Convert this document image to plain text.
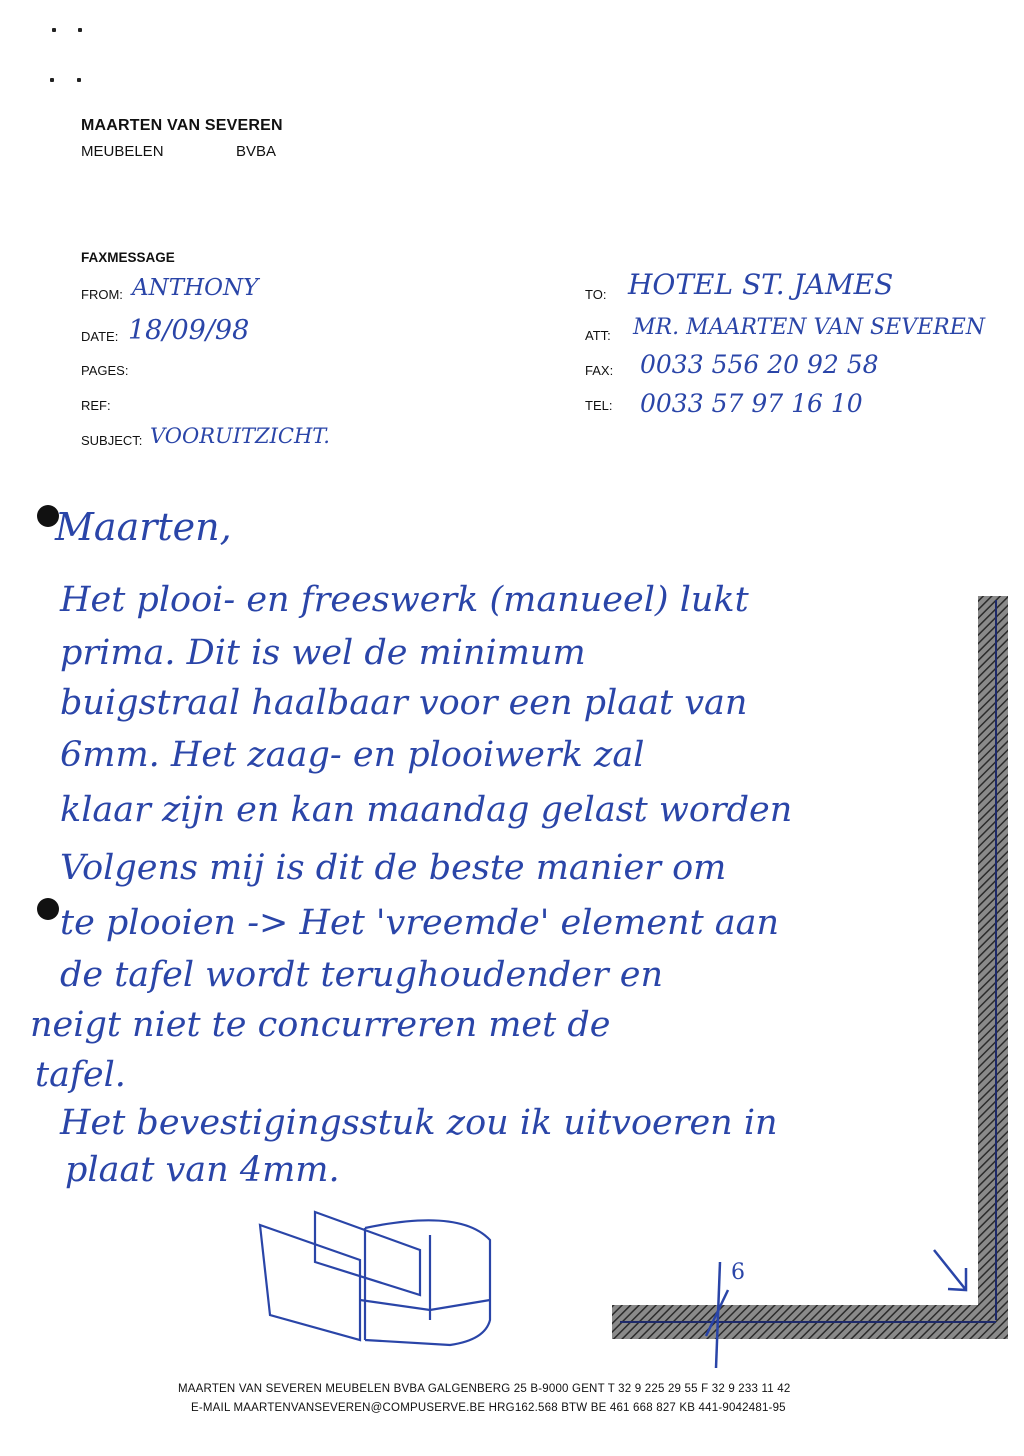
MAARTEN VAN SEVEREN
MEUBELEN	BVBA
FAXMESSAGE
FROM: ANTHONY
DATE: 18/09/98
PAGES:
REF:
SUBJECT: VOORUITZICHT.
TO: HOTEL ST. JAMES
ATT: MR. MAARTEN VAN SEVEREN
FAX: 0033 556 20 92 58
TEL: 0033 57 97 16 10
Maarten,
Het plooi- en freeswerk (manueel) lukt
prima. Dit is wel de minimum
buigstraal haalbaar voor een plaat van
6mm. Het zaag- en plooiwerk zal
klaar zijn en kan maandag gelast worden
Volgens mij is dit de beste manier om
te plooien -> Het 'vreemde' element aan
de tafel wordt terughoudender en
neigt niet te concurreren met de
tafel.
Het bevestigingsstuk zou ik uitvoeren in
plaat van 4mm.
6
MAARTEN VAN SEVEREN MEUBELEN BVBA GALGENBERG 25 B-9000 GENT T 32 9 225 29 55 F 32 9 233 11 42
E-MAIL MAARTENVANSEVEREN@COMPUSERVE.BE HRG162.568 BTW BE 461 668 827 KB 441-9042481-95
